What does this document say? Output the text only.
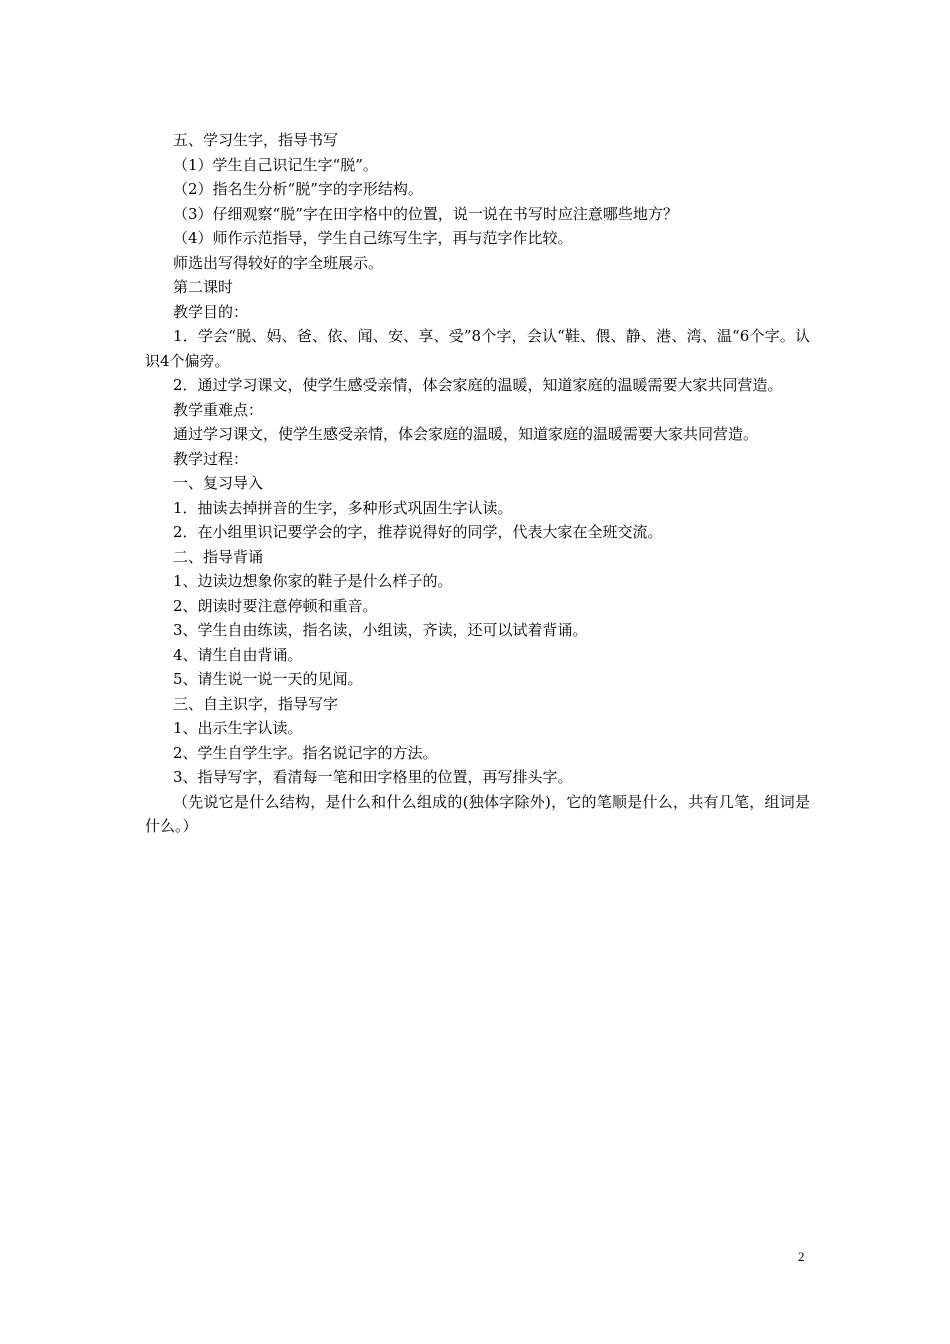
五、学习生字，指导书写

（1）学生自己识记生字“脱”。

（2）指名生分析“脱”字的字形结构。

（3）仔细观察“脱”字在田字格中的位置，说一说在书写时应注意哪些地方？

（4）师作示范指导，学生自己练写生字，再与范字作比较。

师选出写得较好的字全班展示。

第二课时

教学目的：

1．学会“脱、妈、爸、依、闻、安、享、受”8个字，会认“鞋、偎、静、港、湾、温“6个字。认识4个偏旁。

2．通过学习课文，使学生感受亲情，体会家庭的温暖，知道家庭的温暖需要大家共同营造。

教学重难点：

通过学习课文，使学生感受亲情，体会家庭的温暖，知道家庭的温暖需要大家共同营造。

教学过程：

一、复习导入

1．抽读去掉拼音的生字，多种形式巩固生字认读。

2．在小组里识记要学会的字，推荐说得好的同学，代表大家在全班交流。

二、指导背诵

1、边读边想象你家的鞋子是什么样子的。

2、朗读时要注意停顿和重音。

3、学生自由练读，指名读，小组读，齐读，还可以试着背诵。

4、请生自由背诵。

5、请生说一说一天的见闻。

三、自主识字，指导写字

1、出示生字认读。

2、学生自学生字。指名说记字的方法。

3、指导写字，看清每一笔和田字格里的位置，再写排头字。

（先说它是什么结构，是什么和什么组成的(独体字除外)，它的笔顺是什么，共有几笔，组词是什么。）

2
